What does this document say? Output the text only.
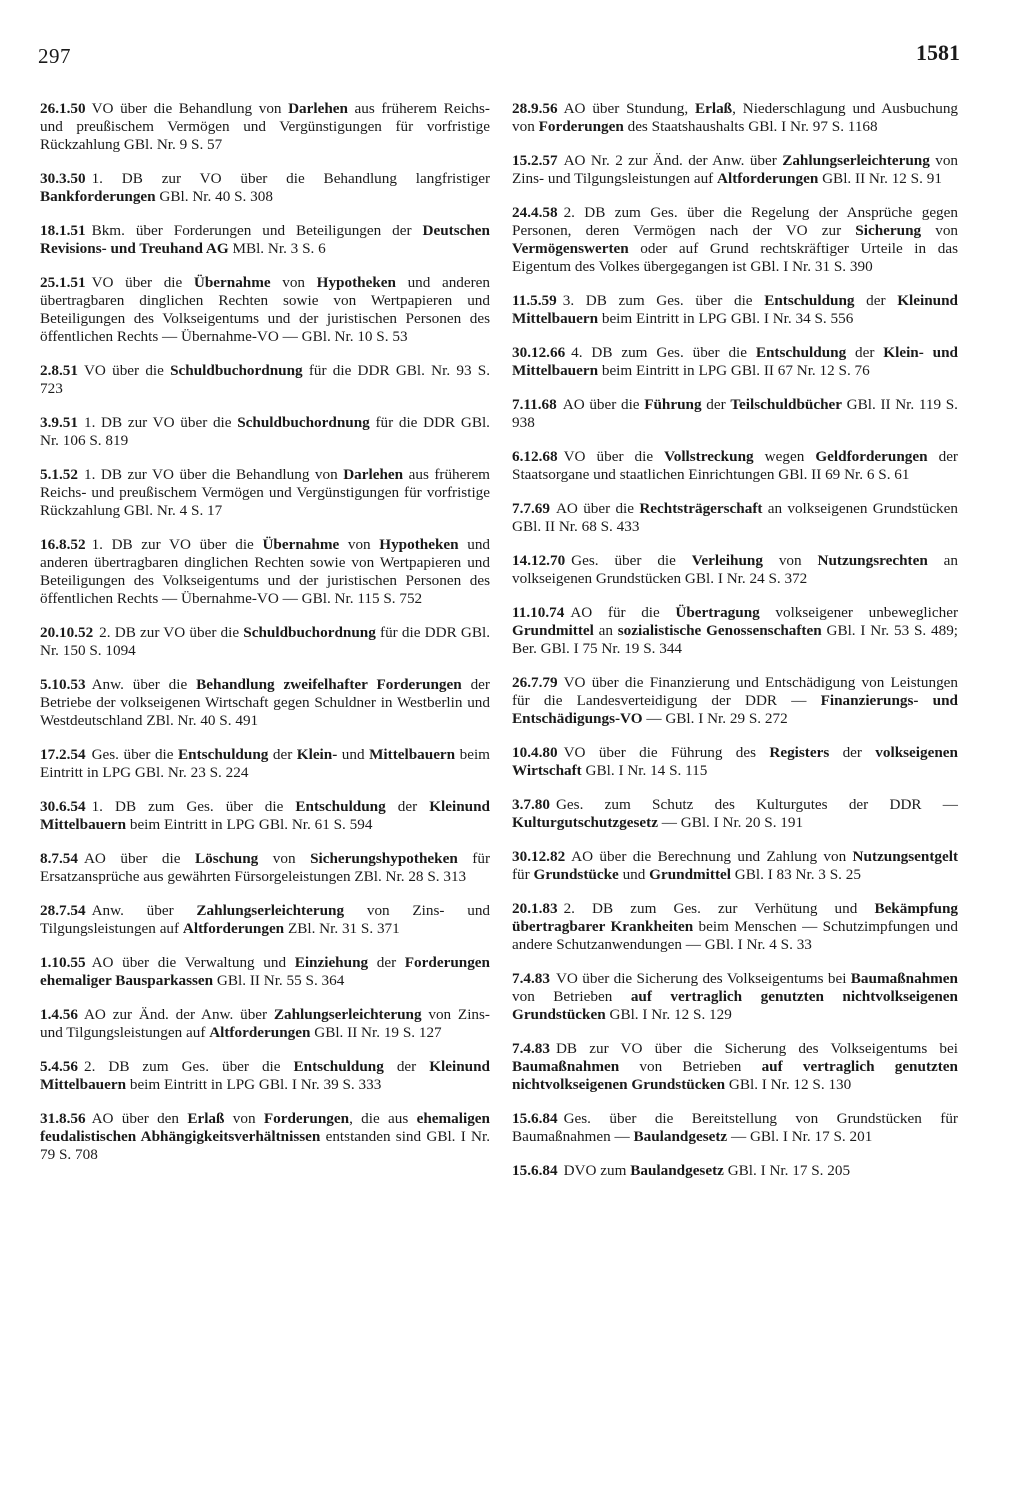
297	1581

26.1.50 VO über die Behandlung von Darlehen aus früherem Reichs- und preußischem Vermögen und Vergünstigungen für vorfristige Rückzahlung GBl. Nr. 9 S. 57

30.3.50 1. DB zur VO über die Behandlung langfristiger Bankforderungen GBl. Nr. 40 S. 308

18.1.51 Bkm. über Forderungen und Beteiligungen der Deutschen Revisions- und Treuhand AG MBl. Nr. 3 S. 6

25.1.51 VO über die Übernahme von Hypotheken und anderen übertragbaren dinglichen Rechten sowie von Wertpapieren und Beteiligungen des Volkseigentums und der juristischen Personen des öffentlichen Rechts — Übernahme-VO — GBl. Nr. 10 S. 53

2.8.51 VO über die Schuldbuchordnung für die DDR GBl. Nr. 93 S. 723

3.9.51 1. DB zur VO über die Schuldbuchordnung für die DDR GBl. Nr. 106 S. 819

5.1.52 1. DB zur VO über die Behandlung von Darlehen aus früherem Reichs- und preußischem Vermögen und Vergünstigungen für vorfristige Rückzahlung GBl. Nr. 4 S. 17

16.8.52 1. DB zur VO über die Übernahme von Hypotheken und anderen übertragbaren dinglichen Rechten sowie von Wertpapieren und Beteiligungen des Volkseigentums und der juristischen Personen des öffentlichen Rechts — Übernahme-VO — GBl. Nr. 115 S. 752

20.10.52 2. DB zur VO über die Schuldbuchordnung für die DDR GBl. Nr. 150 S. 1094

5.10.53 Anw. über die Behandlung zweifelhafter Forderungen der Betriebe der volkseigenen Wirtschaft gegen Schuldner in Westberlin und Westdeutschland ZBl. Nr. 40 S. 491

17.2.54 Ges. über die Entschuldung der Klein- und Mittelbauern beim Eintritt in LPG GBl. Nr. 23 S. 224

30.6.54 1. DB zum Ges. über die Entschuldung der Kleinund Mittelbauern beim Eintritt in LPG GBl. Nr. 61 S. 594

8.7.54 AO über die Löschung von Sicherungshypotheken für Ersatzansprüche aus gewährten Fürsorgeleistungen ZBl. Nr. 28 S. 313

28.7.54 Anw. über Zahlungserleichterung von Zins- und Tilgungsleistungen auf Altforderungen ZBl. Nr. 31 S. 371

1.10.55 AO über die Verwaltung und Einziehung der Forderungen ehemaliger Bausparkassen GBl. II Nr. 55 S. 364

1.4.56 AO zur Änd. der Anw. über Zahlungserleichterung von Zins- und Tilgungsleistungen auf Altforderungen GBl. II Nr. 19 S. 127

5.4.56 2. DB zum Ges. über die Entschuldung der Kleinund Mittelbauern beim Eintritt in LPG GBl. I Nr. 39 S. 333

31.8.56 AO über den Erlaß von Forderungen, die aus ehemaligen feudalistischen Abhängigkeitsverhältnissen entstanden sind GBl. I Nr. 79 S. 708

28.9.56 AO über Stundung, Erlaß, Niederschlagung und Ausbuchung von Forderungen des Staatshaushalts GBl. I Nr. 97 S. 1168

15.2.57 AO Nr. 2 zur Änd. der Anw. über Zahlungserleichterung von Zins- und Tilgungsleistungen auf Altforderungen GBl. II Nr. 12 S. 91

24.4.58 2. DB zum Ges. über die Regelung der Ansprüche gegen Personen, deren Vermögen nach der VO zur Sicherung von Vermögenswerten oder auf Grund rechtskräftiger Urteile in das Eigentum des Volkes übergegangen ist GBl. I Nr. 31 S. 390

11.5.59 3. DB zum Ges. über die Entschuldung der Kleinund Mittelbauern beim Eintritt in LPG GBl. I Nr. 34 S. 556

30.12.66 4. DB zum Ges. über die Entschuldung der Klein- und Mittelbauern beim Eintritt in LPG GBl. II 67 Nr. 12 S. 76

7.11.68 AO über die Führung der Teilschuldbücher GBl. II Nr. 119 S. 938

6.12.68 VO über die Vollstreckung wegen Geldforderungen der Staatsorgane und staatlichen Einrichtungen GBl. II 69 Nr. 6 S. 61

7.7.69 AO über die Rechtsträgerschaft an volkseigenen Grundstücken GBl. II Nr. 68 S. 433

14.12.70 Ges. über die Verleihung von Nutzungsrechten an volkseigenen Grundstücken GBl. I Nr. 24 S. 372

11.10.74 AO für die Übertragung volkseigener unbeweglicher Grundmittel an sozialistische Genossenschaften GBl. I Nr. 53 S. 489; Ber. GBl. I 75 Nr. 19 S. 344

26.7.79 VO über die Finanzierung und Entschädigung von Leistungen für die Landesverteidigung der DDR — Finanzierungs- und Entschädigungs-VO — GBl. I Nr. 29 S. 272

10.4.80 VO über die Führung des Registers der volkseigenen Wirtschaft GBl. I Nr. 14 S. 115

3.7.80 Ges. zum Schutz des Kulturgutes der DDR — Kulturgutschutzgesetz — GBl. I Nr. 20 S. 191

30.12.82 AO über die Berechnung und Zahlung von Nutzungsentgelt für Grundstücke und Grundmittel GBl. I 83 Nr. 3 S. 25

20.1.83 2. DB zum Ges. zur Verhütung und Bekämpfung übertragbarer Krankheiten beim Menschen — Schutzimpfungen und andere Schutzanwendungen — GBl. I Nr. 4 S. 33

7.4.83 VO über die Sicherung des Volkseigentums bei Baumaßnahmen von Betrieben auf vertraglich genutzten nichtvolkseigenen Grundstücken GBl. I Nr. 12 S. 129

7.4.83 DB zur VO über die Sicherung des Volkseigentums bei Baumaßnahmen von Betrieben auf vertraglich genutzten nichtvolkseigenen Grundstücken GBl. I Nr. 12 S. 130

15.6.84 Ges. über die Bereitstellung von Grundstücken für Baumaßnahmen — Baulandgesetz — GBl. I Nr. 17 S. 201

15.6.84 DVO zum Baulandgesetz GBl. I Nr. 17 S. 205
